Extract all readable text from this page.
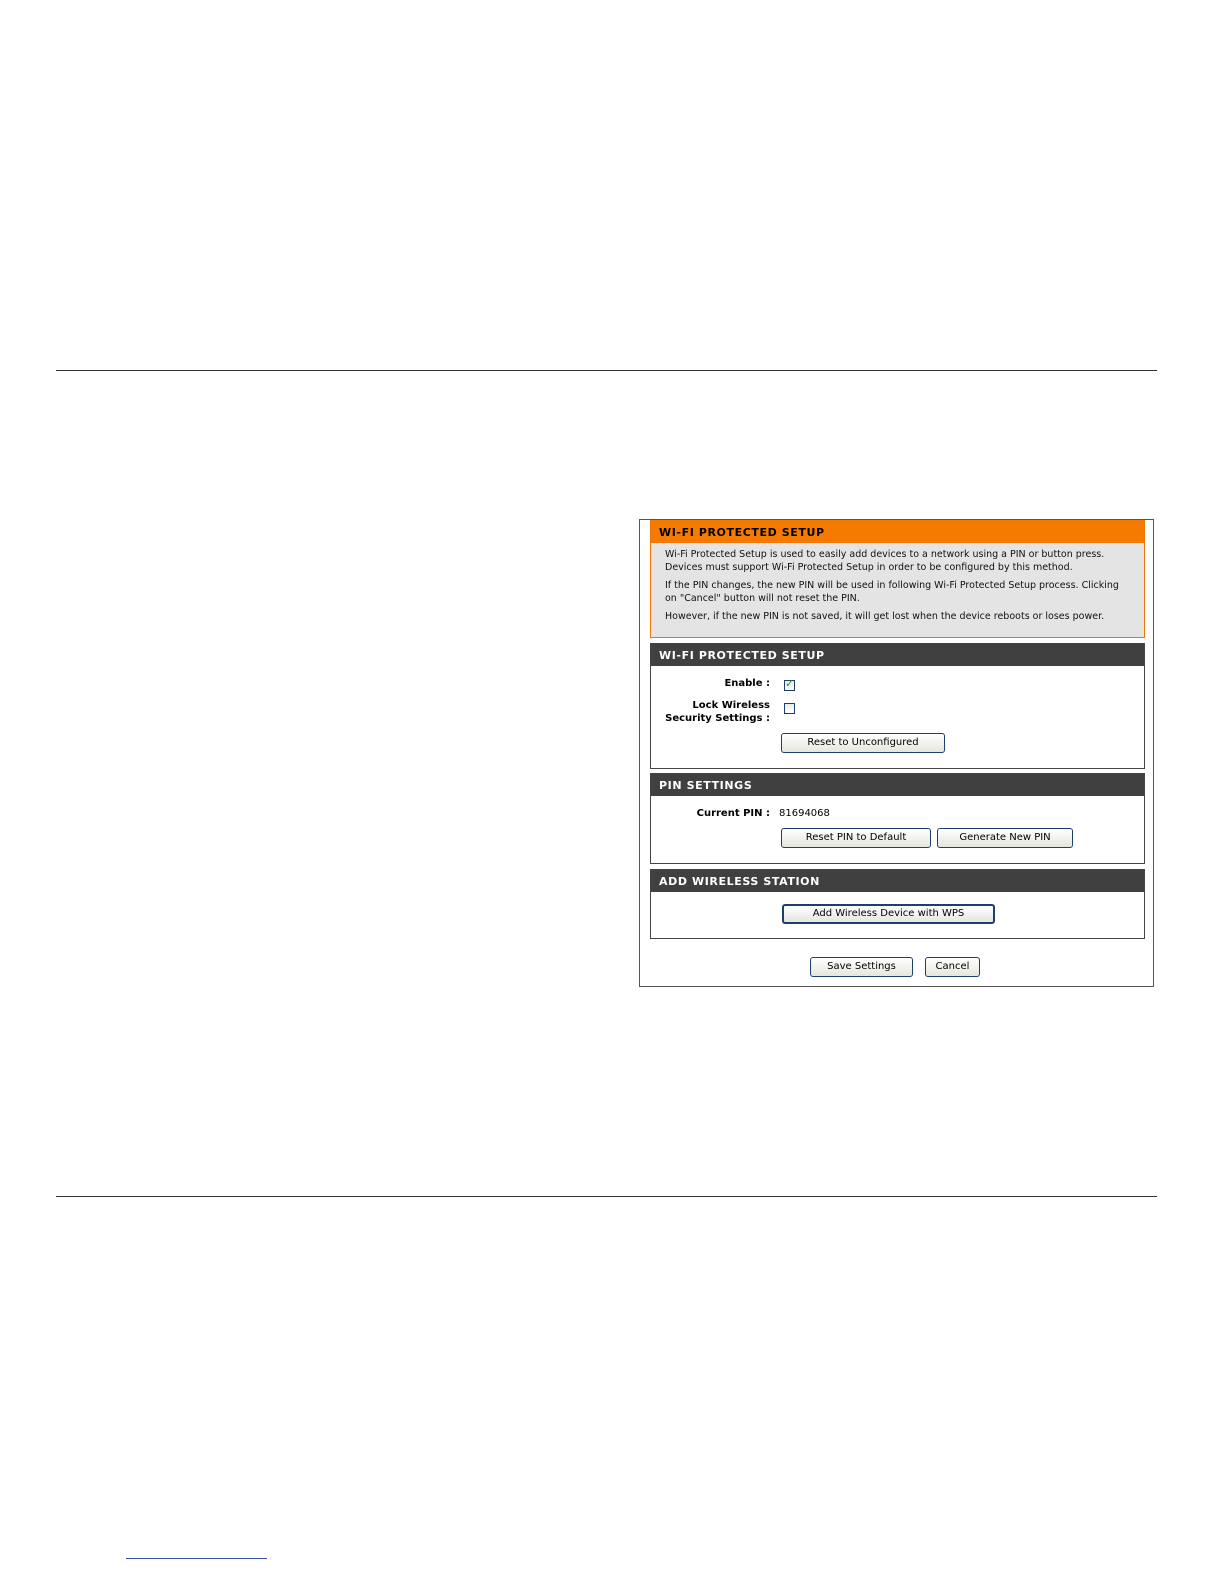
WI-FI PROTECTED SETUP

Wi-Fi Protected Setup is used to easily add devices to a network using a PIN or button press. Devices must support Wi-Fi Protected Setup in order to be configured by this method.

If the PIN changes, the new PIN will be used in following Wi-Fi Protected Setup process. Clicking on "Cancel" button will not reset the PIN.

However, if the new PIN is not saved, it will get lost when the device reboots or loses power.

WI-FI PROTECTED SETUP
Enable : ✓
Lock Wireless
Security Settings :
Reset to Unconfigured
PIN SETTINGS
Current PIN : 81694068
Reset PIN to Default	Generate New PIN
ADD WIRELESS STATION
Add Wireless Device with WPS
Save Settings	Cancel
